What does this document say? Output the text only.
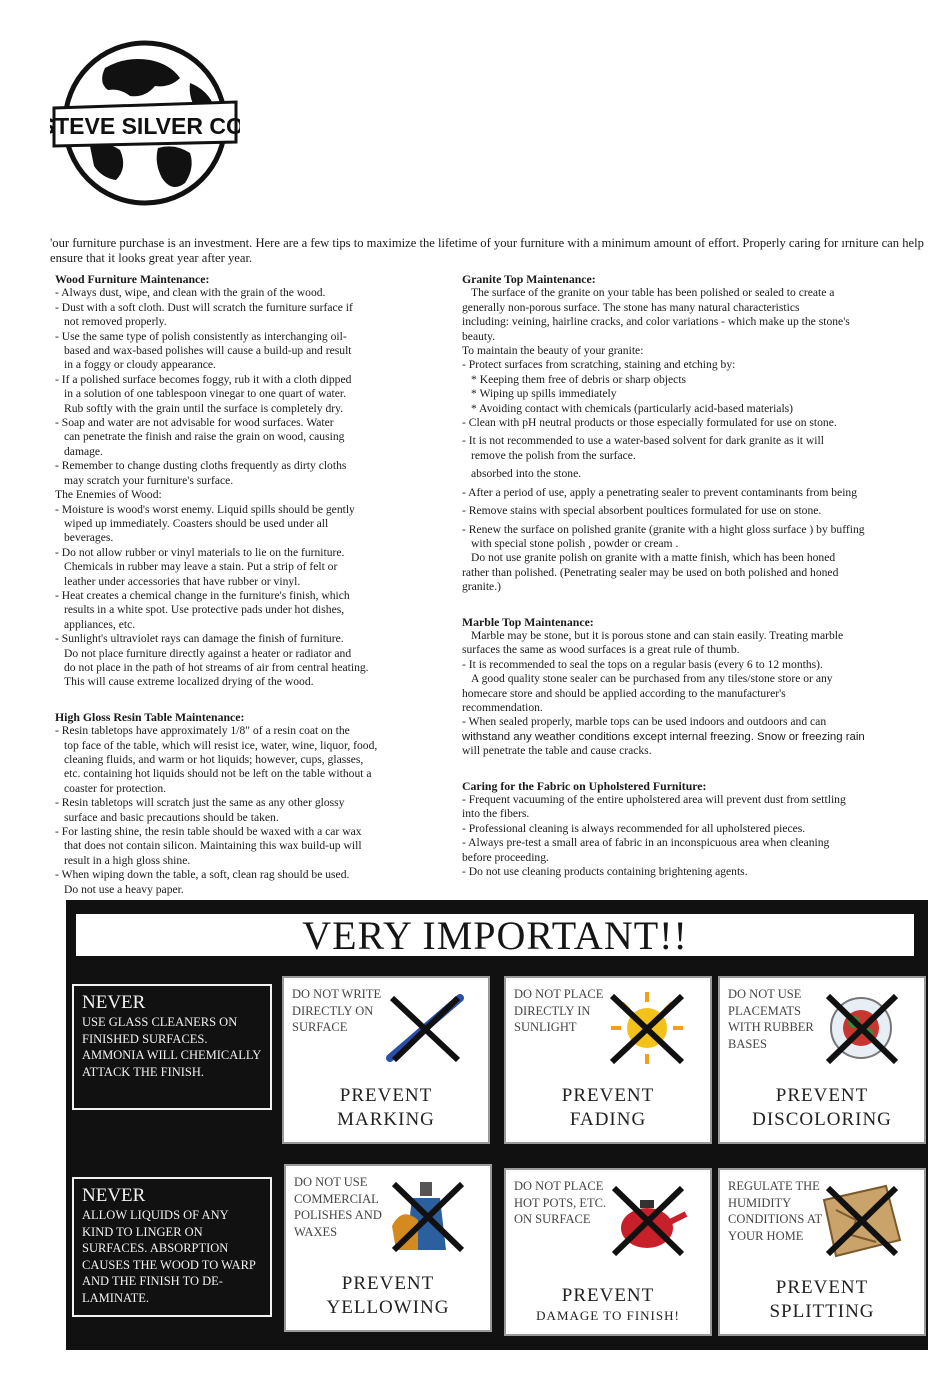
STEVE SILVER CO.
'our furniture purchase is an investment. Here are a few tips to maximize the lifetime of your furniture with a minimum amount of effort. Properly caring for ırniture can help ensure that it looks great year after year.
Wood Furniture Maintenance:

- Always dust, wipe, and clean with the grain of the wood.

- Dust with a soft cloth. Dust will scratch the furniture surface if

not removed properly.

- Use the same type of polish consistently as interchanging oil-

based and wax-based polishes will cause a build-up and result

in a foggy or cloudy appearance.

- If a polished surface becomes foggy, rub it with a cloth dipped

in a solution of one tablespoon vinegar to one quart of water.

Rub softly with the grain until the surface is completely dry.

- Soap and water are not advisable for wood surfaces. Water

can penetrate the finish and raise the grain on wood, causing

damage.

- Remember to change dusting cloths frequently as dirty cloths

may scratch your furniture's surface.

The Enemies of Wood:

- Moisture is wood's worst enemy. Liquid spills should be gently

wiped up immediately. Coasters should be used under all

beverages.

- Do not allow rubber or vinyl materials to lie on the furniture.

Chemicals in rubber may leave a stain. Put a strip of felt or

leather under accessories that have rubber or vinyl.

- Heat creates a chemical change in the furniture's finish, which

results in a white spot. Use protective pads under hot dishes,

appliances, etc.

- Sunlight's ultraviolet rays can damage the finish of furniture.

Do not place furniture directly against a heater or radiator and

do not place in the path of hot streams of air from central heating.

This will cause extreme localized drying of the wood.

High Gloss Resin Table Maintenance:

- Resin tabletops have approximately 1/8" of a resin coat on the

top face of the table, which will resist ice, water, wine, liquor, food,

cleaning fluids, and warm or hot liquids; however, cups, glasses,

etc. containing hot liquids should not be left on the table without a

coaster for protection.

- Resin tabletops will scratch just the same as any other glossy

surface and basic precautions should be taken.

- For lasting shine, the resin table should be waxed with a car wax

that does not contain silicon. Maintaining this wax build-up will

result in a high gloss shine.

- When wiping down the table, a soft, clean rag should be used.

Do not use a heavy paper.

Granite Top Maintenance:

The surface of the granite on your table has been polished or sealed to create a

generally non-porous surface. The stone has many natural characteristics

including: veining, hairline cracks, and color variations - which make up the stone's

beauty.

To maintain the beauty of your granite:

- Protect surfaces from scratching, staining and etching by:

* Keeping them free of debris or sharp objects

* Wiping up spills immediately

* Avoiding contact with chemicals (particularly acid-based materials)

- Clean with pH neutral products or those especially formulated for use on stone.

- It is not recommended to use a water-based solvent for dark granite as it will

remove the polish from the surface.

absorbed into the stone.

- After a period of use, apply a penetrating sealer to prevent contaminants from being

- Remove stains with special absorbent poultices formulated for use on stone.

- Renew the surface on polished granite (granite with a hight gloss surface ) by buffing

with special stone polish , powder or cream .

Do not use granite polish on granite with a matte finish, which has been honed

rather than polished. (Penetrating sealer may be used on both polished and honed

granite.)

Marble Top Maintenance:

Marble may be stone, but it is porous stone and can stain easily. Treating marble

surfaces the same as wood surfaces is a great rule of thumb.

- It is recommended to seal the tops on a regular basis (every 6 to 12 months).

A good quality stone sealer can be purchased from any tiles/stone store or any

homecare store and should be applied according to the manufacturer's

recommendation.

- When sealed properly, marble tops can be used indoors and outdoors and can

withstand any weather conditions except internal freezing. Snow or freezing rain

will penetrate the table and cause cracks.

Caring for the Fabric on Upholstered Furniture:

- Frequent vacuuming of the entire upholstered area will prevent dust from settling

into the fibers.

- Professional cleaning is always recommended for all upholstered pieces.

- Always pre-test a small area of fabric in an inconspicuous area when cleaning

before proceeding.

- Do not use cleaning products containing brightening agents.

VERY IMPORTANT!!
NEVER
USE GLASS CLEANERS ON FINISHED SURFACES. AMMONIA WILL CHEMICALLY ATTACK THE FINISH.
NEVER
ALLOW LIQUIDS OF ANY KIND TO LINGER ON SURFACES. ABSORPTION CAUSES THE WOOD TO WARP AND THE FINISH TO DE-LAMINATE.
DO NOT WRITE DIRECTLY ON SURFACE
PREVENT
MARKING
DO NOT PLACE DIRECTLY IN SUNLIGHT
PREVENT
FADING
DO NOT USE PLACEMATS WITH RUBBER BASES
PREVENT
DISCOLORING
DO NOT USE COMMERCIAL POLISHES AND WAXES
PREVENT
YELLOWING
DO NOT PLACE HOT POTS, ETC. ON SURFACE
PREVENT
DAMAGE TO FINISH!
REGULATE THE HUMIDITY CONDITIONS AT YOUR HOME
PREVENT
SPLITTING
